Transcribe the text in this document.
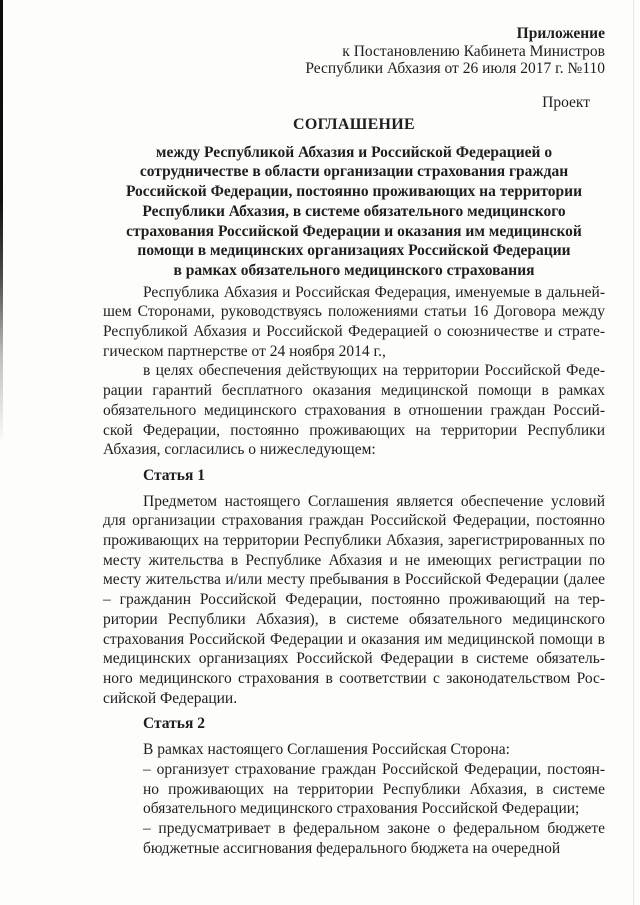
Приложение
к Постановлению Кабинета Министров
Республики Абхазия от 26 июля 2017 г. №110
Проект
СОГЛАШЕНИЕ
между Республикой Абхазия и Российской Федерацией о
сотрудничестве в области организации страхования граждан
Российской Федерации, постоянно проживающих на территории
Республики Абхазия, в системе обязательного медицинского
страхования Российской Федерации и оказания им медицинской
помощи в медицинских организациях Российской Федерации
в рамках обязательного медицинского страхования
Республика Абхазия и Российская Федерация, именуемые в дальней-
шем Сторонами, руководствуясь положениями статьи 16 Договора между
Республикой Абхазия и Российской Федерацией о союзничестве и страте-
гическом партнерстве от 24 ноября 2014 г.,
в целях обеспечения действующих на территории Российской Феде-
рации гарантий бесплатного оказания медицинской помощи в рамках
обязательного медицинского страхования в отношении граждан Россий-
ской Федерации, постоянно проживающих на территории Республики
Абхазия, согласились о нижеследующем:
Статья 1
Предметом настоящего Соглашения является обеспечение условий
для организации страхования граждан Российской Федерации, постоянно
проживающих на территории Республики Абхазия, зарегистрированных по
месту жительства в Республике Абхазия и не имеющих регистрации по
месту жительства и/или месту пребывания в Российской Федерации (далее
– гражданин Российской Федерации, постоянно проживающий на тер-
ритории Республики Абхазия), в системе обязательного медицинского
страхования Российской Федерации и оказания им медицинской помощи в
медицинских организациях Российской Федерации в системе обязатель-
ного медицинского страхования в соответствии с законодательством Рос-
сийской Федерации.
Статья 2
В рамках настоящего Соглашения Российская Сторона:
– организует страхование граждан Российской Федерации, постоян-
но проживающих на территории Республики Абхазия, в системе
обязательного медицинского страхования Российской Федерации;
– предусматривает в федеральном законе о федеральном бюджете
бюджетные ассигнования федерального бюджета на очередной
